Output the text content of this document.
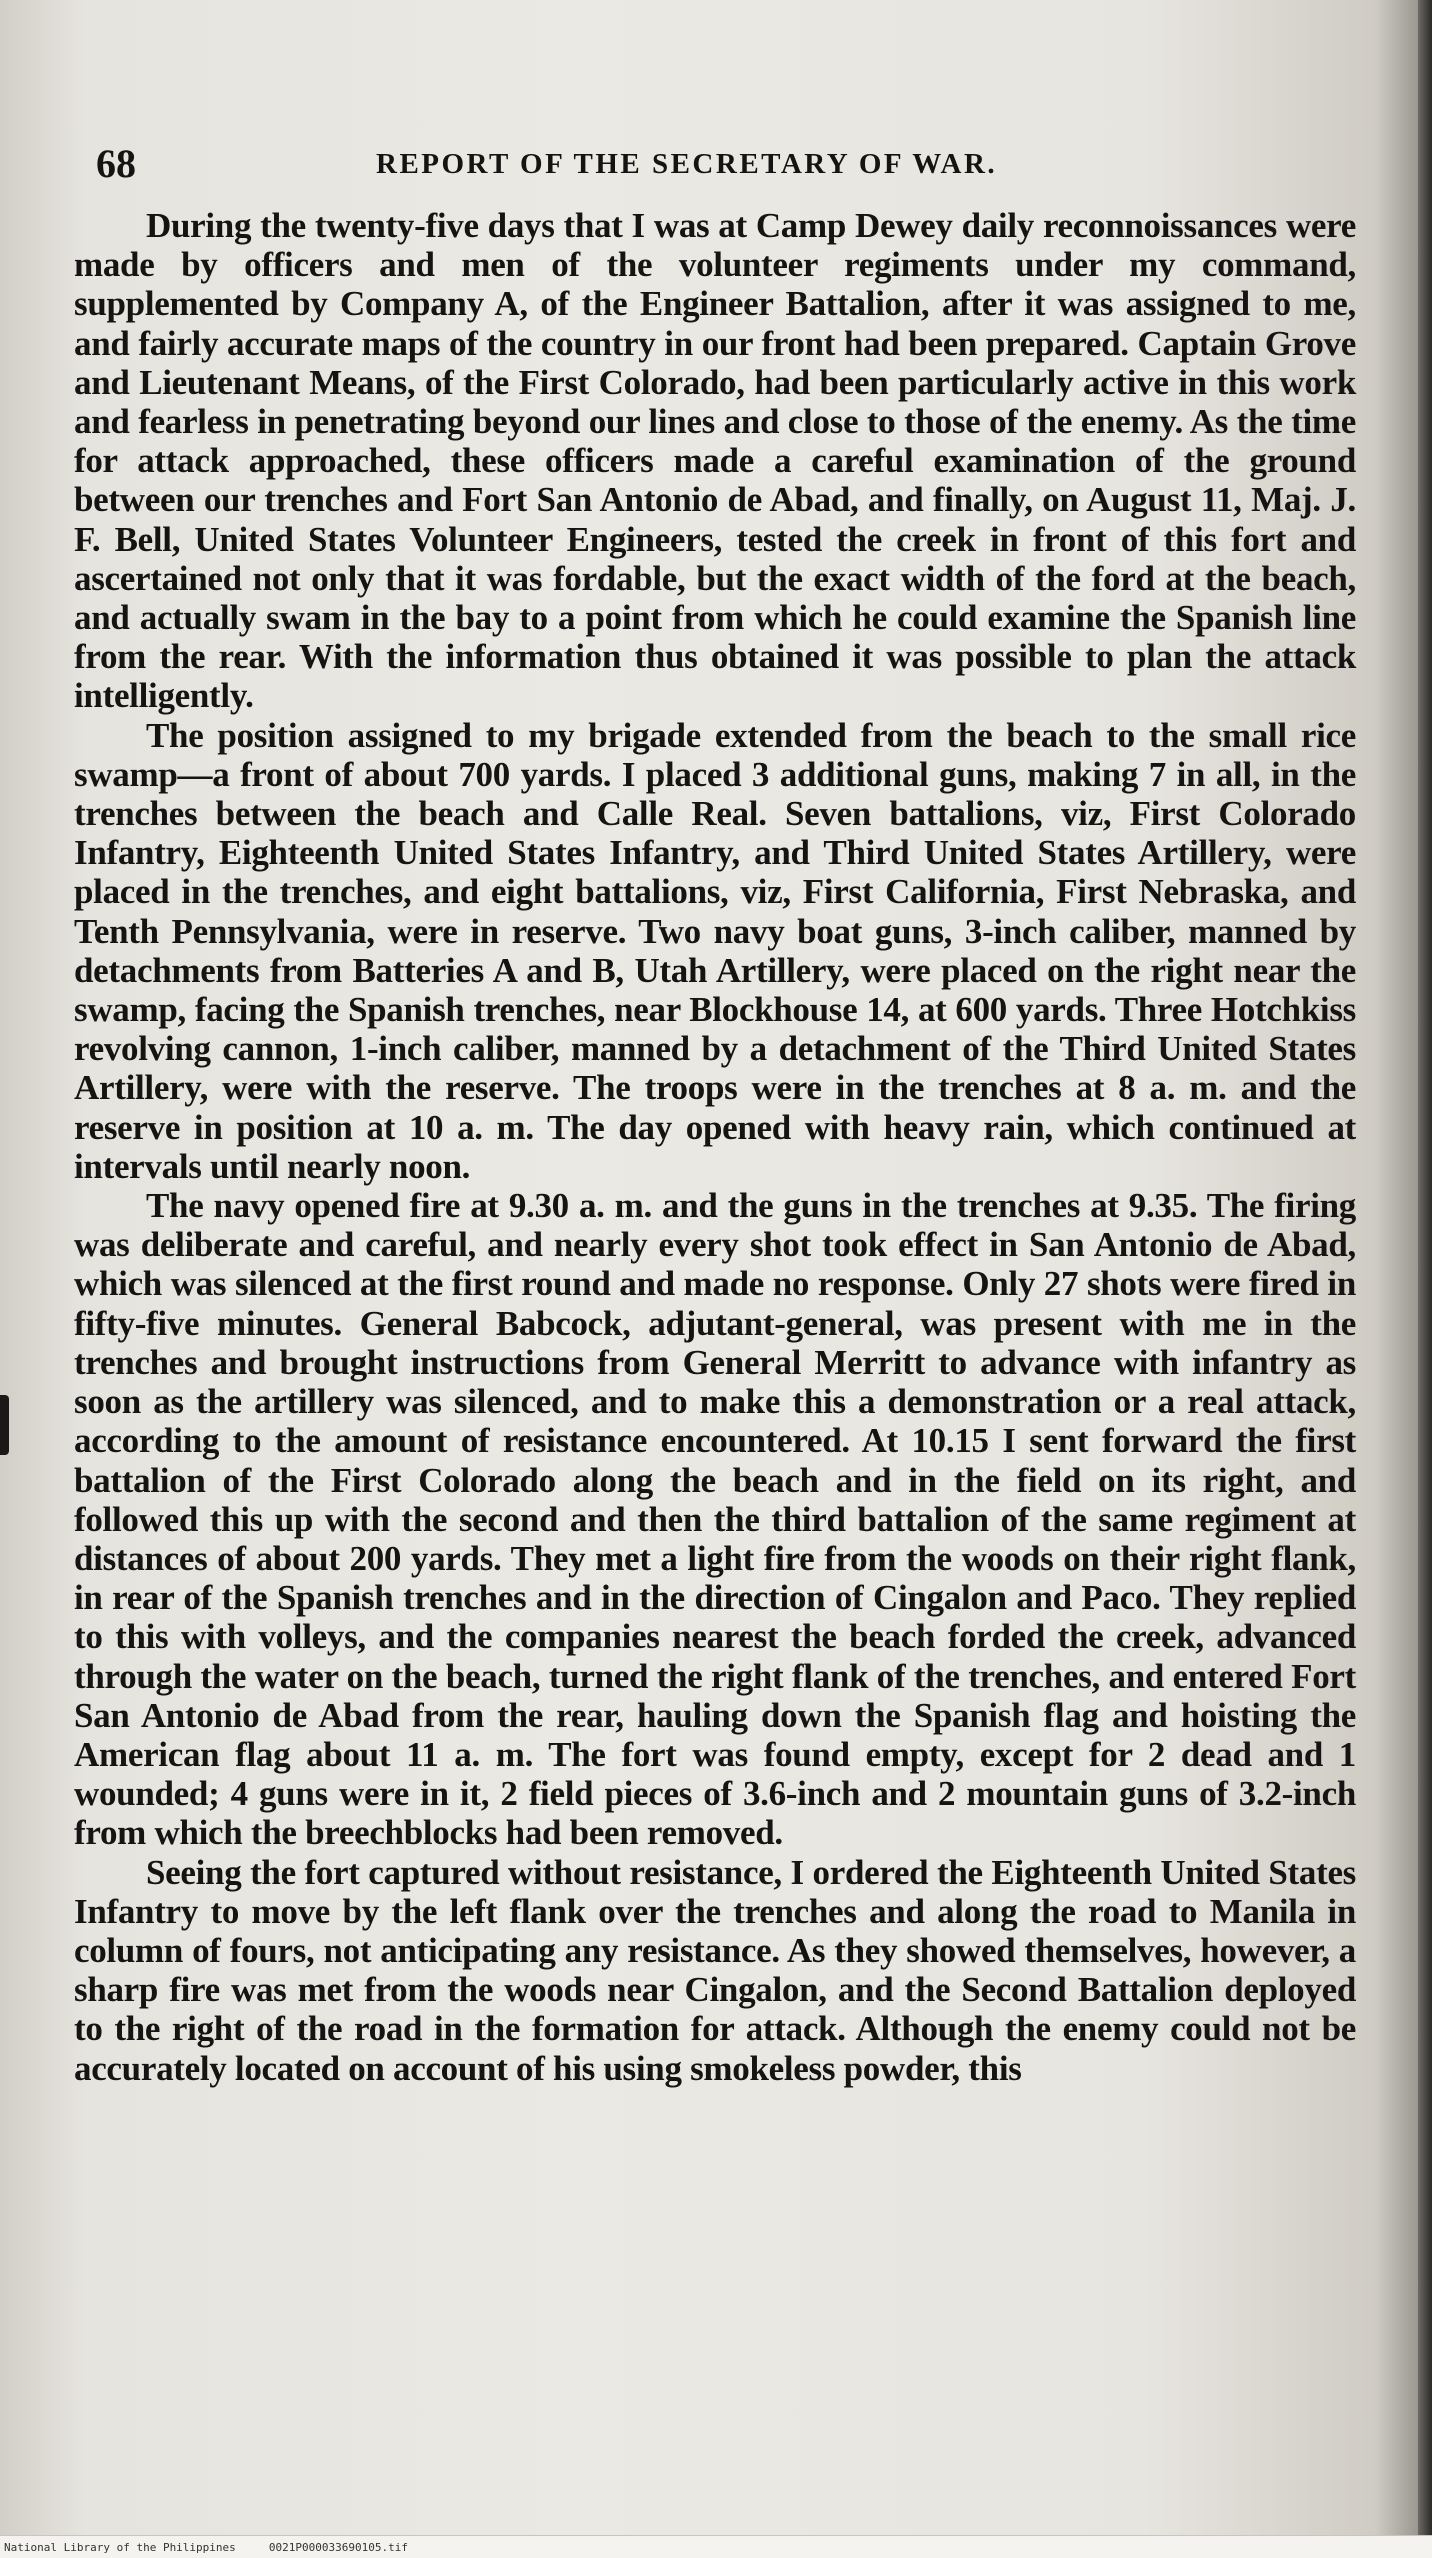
68	REPORT OF THE SECRETARY OF WAR.

During the twenty-five days that I was at Camp Dewey daily reconnoissances were made by officers and men of the volunteer regiments under my command, supplemented by Company A, of the Engineer Battalion, after it was assigned to me, and fairly accurate maps of the country in our front had been prepared. Captain Grove and Lieutenant Means, of the First Colorado, had been particularly active in this work and fearless in penetrating beyond our lines and close to those of the enemy. As the time for attack approached, these officers made a careful examination of the ground between our trenches and Fort San Antonio de Abad, and finally, on August 11, Maj. J. F. Bell, United States Volunteer Engineers, tested the creek in front of this fort and ascertained not only that it was fordable, but the exact width of the ford at the beach, and actually swam in the bay to a point from which he could examine the Spanish line from the rear. With the information thus obtained it was possible to plan the attack intelligently.

The position assigned to my brigade extended from the beach to the small rice swamp—a front of about 700 yards. I placed 3 additional guns, making 7 in all, in the trenches between the beach and Calle Real. Seven battalions, viz, First Colorado Infantry, Eighteenth United States Infantry, and Third United States Artillery, were placed in the trenches, and eight battalions, viz, First California, First Nebraska, and Tenth Pennsylvania, were in reserve. Two navy boat guns, 3-inch caliber, manned by detachments from Batteries A and B, Utah Artillery, were placed on the right near the swamp, facing the Spanish trenches, near Blockhouse 14, at 600 yards. Three Hotchkiss revolving cannon, 1-inch caliber, manned by a detachment of the Third United States Artillery, were with the reserve. The troops were in the trenches at 8 a. m. and the reserve in position at 10 a. m. The day opened with heavy rain, which continued at intervals until nearly noon.

The navy opened fire at 9.30 a. m. and the guns in the trenches at 9.35. The firing was deliberate and careful, and nearly every shot took effect in San Antonio de Abad, which was silenced at the first round and made no response. Only 27 shots were fired in fifty-five minutes. General Babcock, adjutant-general, was present with me in the trenches and brought instructions from General Merritt to advance with infantry as soon as the artillery was silenced, and to make this a demonstration or a real attack, according to the amount of resistance encountered. At 10.15 I sent forward the first battalion of the First Colorado along the beach and in the field on its right, and followed this up with the second and then the third battalion of the same regiment at distances of about 200 yards. They met a light fire from the woods on their right flank, in rear of the Spanish trenches and in the direction of Cingalon and Paco. They replied to this with volleys, and the companies nearest the beach forded the creek, advanced through the water on the beach, turned the right flank of the trenches, and entered Fort San Antonio de Abad from the rear, hauling down the Spanish flag and hoisting the American flag about 11 a. m. The fort was found empty, except for 2 dead and 1 wounded; 4 guns were in it, 2 field pieces of 3.6-inch and 2 mountain guns of 3.2-inch from which the breechblocks had been removed.

Seeing the fort captured without resistance, I ordered the Eighteenth United States Infantry to move by the left flank over the trenches and along the road to Manila in column of fours, not anticipating any resistance. As they showed themselves, however, a sharp fire was met from the woods near Cingalon, and the Second Battalion deployed to the right of the road in the formation for attack. Although the enemy could not be accurately located on account of his using smokeless powder, this

National Library of the Philippines     0021P000033690105.tif
